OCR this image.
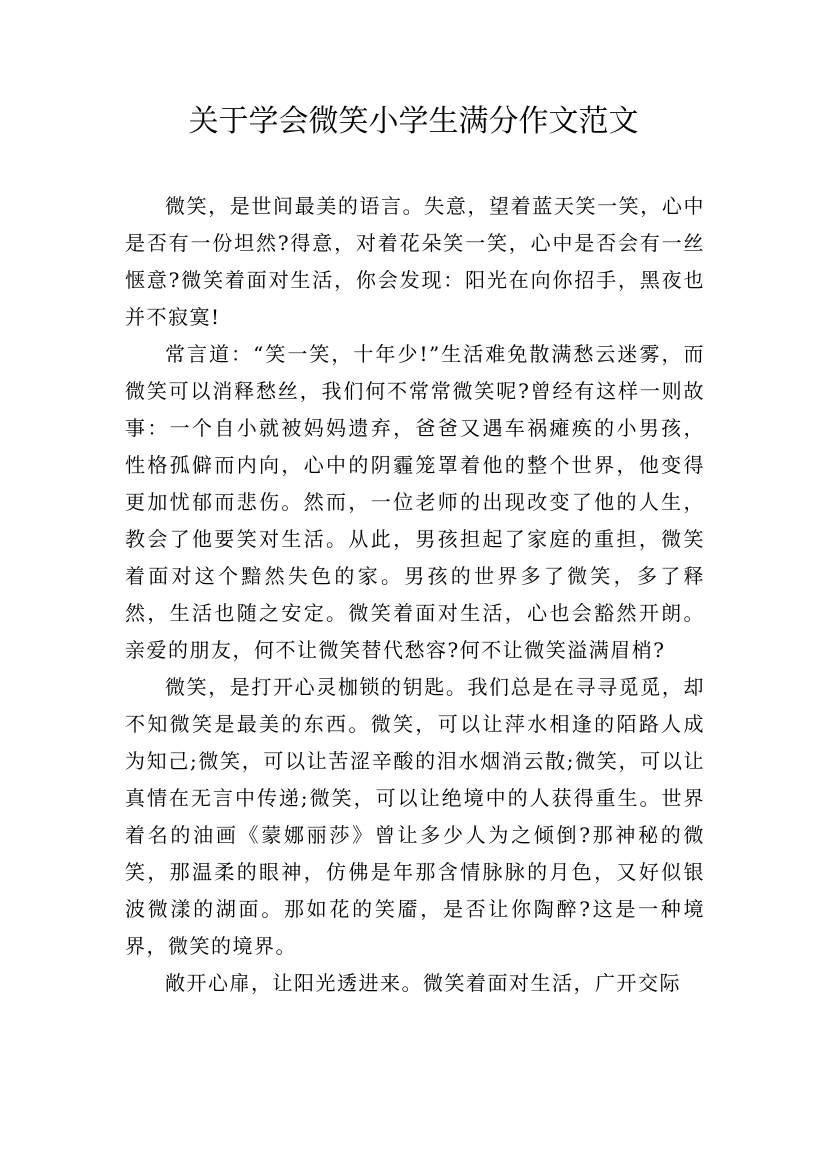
关于学会微笑小学生满分作文范文

微笑，是世间最美的语言。失意，望着蓝天笑一笑，心中是否有一份坦然?得意，对着花朵笑一笑，心中是否会有一丝惬意?微笑着面对生活，你会发现：阳光在向你招手，黑夜也并不寂寞!

常言道：“笑一笑，十年少!”生活难免散满愁云迷雾，而微笑可以消释愁丝，我们何不常常微笑呢?曾经有这样一则故事：一个自小就被妈妈遗弃，爸爸又遇车祸瘫痪的小男孩，性格孤僻而内向，心中的阴霾笼罩着他的整个世界，他变得更加忧郁而悲伤。然而，一位老师的出现改变了他的人生，教会了他要笑对生活。从此，男孩担起了家庭的重担，微笑着面对这个黯然失色的家。男孩的世界多了微笑，多了释然，生活也随之安定。微笑着面对生活，心也会豁然开朗。亲爱的朋友，何不让微笑替代愁容?何不让微笑溢满眉梢?

微笑，是打开心灵枷锁的钥匙。我们总是在寻寻觅觅，却不知微笑是最美的东西。微笑，可以让萍水相逢的陌路人成为知己;微笑，可以让苦涩辛酸的泪水烟消云散;微笑，可以让真情在无言中传递;微笑，可以让绝境中的人获得重生。世界着名的油画《蒙娜丽莎》曾让多少人为之倾倒?那神秘的微笑，那温柔的眼神，仿佛是年那含情脉脉的月色，又好似银波微漾的湖面。那如花的笑靥，是否让你陶醉?这是一种境界，微笑的境界。

敞开心扉，让阳光透进来。微笑着面对生活，广开交际
